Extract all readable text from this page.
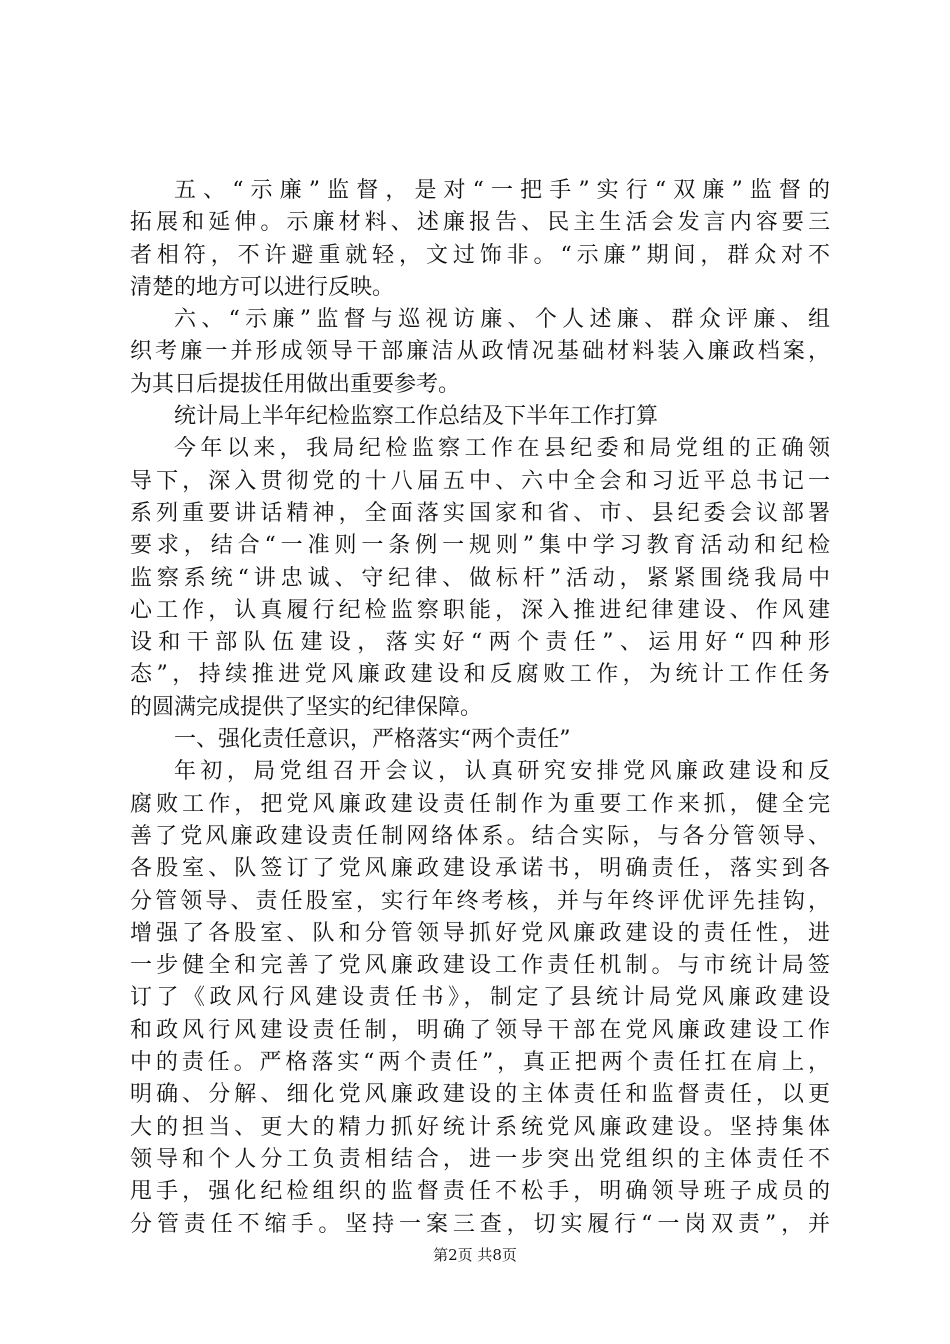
五、“示廉”监督，是对“一把手”实行“双廉”监督的
拓展和延伸。示廉材料、述廉报告、民主生活会发言内容要三
者相符，不许避重就轻，文过饰非。“示廉”期间，群众对不
清楚的地方可以进行反映。
六、“示廉”监督与巡视访廉、个人述廉、群众评廉、组
织考廉一并形成领导干部廉洁从政情况基础材料装入廉政档案，
为其日后提拔任用做出重要参考。
统计局上半年纪检监察工作总结及下半年工作打算
今年以来，我局纪检监察工作在县纪委和局党组的正确领
导下，深入贯彻党的十八届五中、六中全会和习近平总书记一
系列重要讲话精神，全面落实国家和省、市、县纪委会议部署
要求，结合“一准则一条例一规则”集中学习教育活动和纪检
监察系统“讲忠诚、守纪律、做标杆”活动，紧紧围绕我局中
心工作，认真履行纪检监察职能，深入推进纪律建设、作风建
设和干部队伍建设，落实好“两个责任”、运用好“四种形
态”，持续推进党风廉政建设和反腐败工作，为统计工作任务
的圆满完成提供了坚实的纪律保障。
一、强化责任意识，严格落实“两个责任”
年初，局党组召开会议，认真研究安排党风廉政建设和反
腐败工作，把党风廉政建设责任制作为重要工作来抓，健全完
善了党风廉政建设责任制网络体系。结合实际，与各分管领导、
各股室、队签订了党风廉政建设承诺书，明确责任，落实到各
分管领导、责任股室，实行年终考核，并与年终评优评先挂钩，
增强了各股室、队和分管领导抓好党风廉政建设的责任性，进
一步健全和完善了党风廉政建设工作责任机制。与市统计局签
订了《政风行风建设责任书》，制定了县统计局党风廉政建设
和政风行风建设责任制，明确了领导干部在党风廉政建设工作
中的责任。严格落实“两个责任”，真正把两个责任扛在肩上，
明确、分解、细化党风廉政建设的主体责任和监督责任，以更
大的担当、更大的精力抓好统计系统党风廉政建设。坚持集体
领导和个人分工负责相结合，进一步突出党组织的主体责任不
甩手，强化纪检组织的监督责任不松手，明确领导班子成员的
分管责任不缩手。坚持一案三查，切实履行“一岗双责”，并
第2页 共8页
